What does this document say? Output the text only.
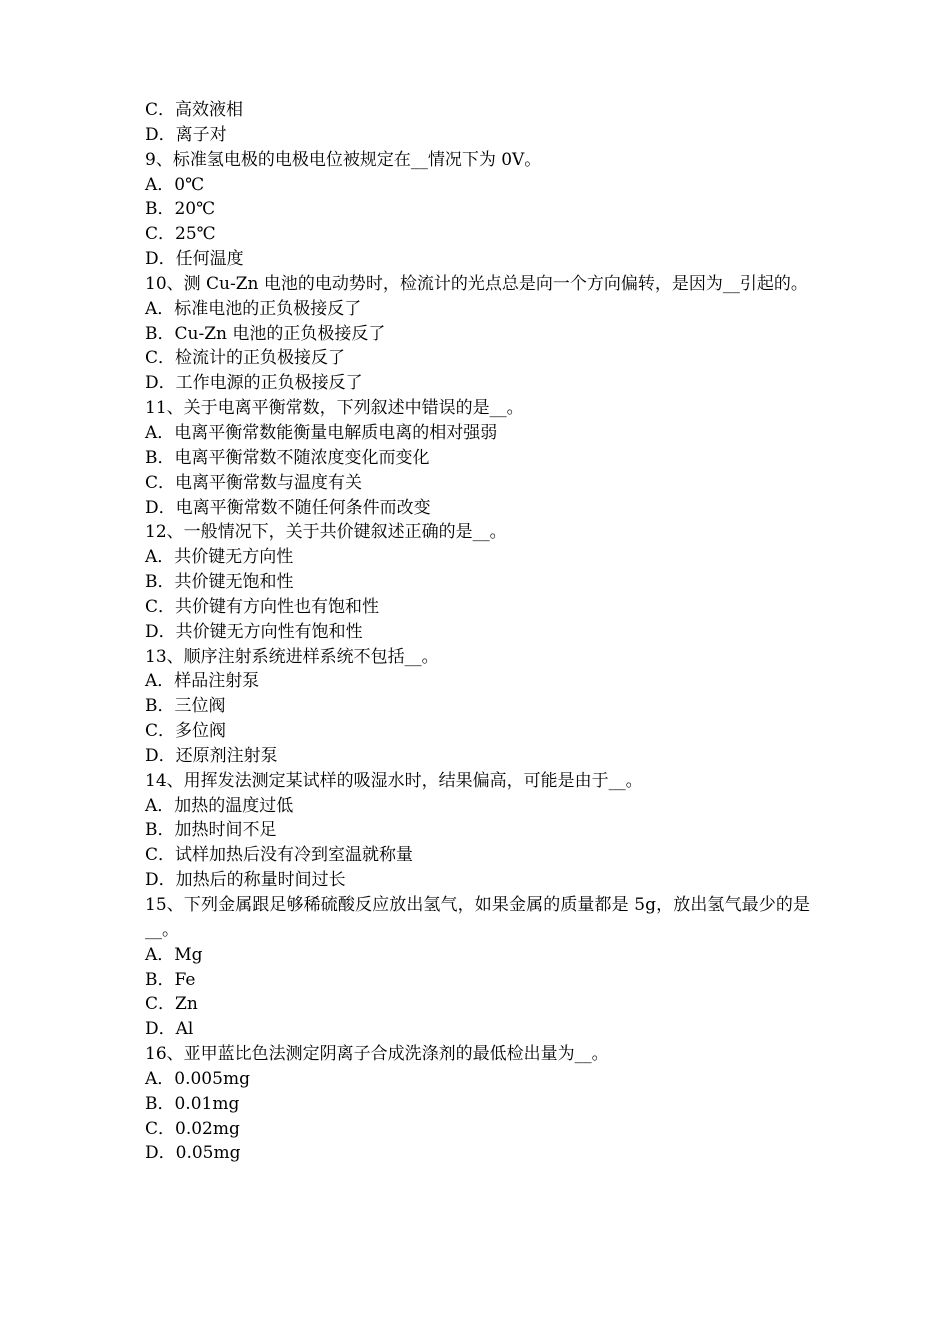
C．高效液相
D．离子对
9、标准氢电极的电极电位被规定在__情况下为 0V。
A．0℃
B．20℃
C．25℃
D．任何温度
10、测 Cu-Zn 电池的电动势时，检流计的光点总是向一个方向偏转，是因为__引起的。
A．标准电池的正负极接反了
B．Cu-Zn 电池的正负极接反了
C．检流计的正负极接反了
D．工作电源的正负极接反了
11、关于电离平衡常数，下列叙述中错误的是__。
A．电离平衡常数能衡量电解质电离的相对强弱
B．电离平衡常数不随浓度变化而变化
C．电离平衡常数与温度有关
D．电离平衡常数不随任何条件而改变
12、一般情况下，关于共价键叙述正确的是__。
A．共价键无方向性
B．共价键无饱和性
C．共价键有方向性也有饱和性
D．共价键无方向性有饱和性
13、顺序注射系统进样系统不包括__。
A．样品注射泵
B．三位阀
C．多位阀
D．还原剂注射泵
14、用挥发法测定某试样的吸湿水时，结果偏高，可能是由于__。
A．加热的温度过低
B．加热时间不足
C．试样加热后没有冷到室温就称量
D．加热后的称量时间过长
15、下列金属跟足够稀硫酸反应放出氢气，如果金属的质量都是 5g，放出氢气最少的是__。
A．Mg
B．Fe
C．Zn
D．Al
16、亚甲蓝比色法测定阴离子合成洗涤剂的最低检出量为__。
A．0.005mg
B．0.01mg
C．0.02mg
D．0.05mg
